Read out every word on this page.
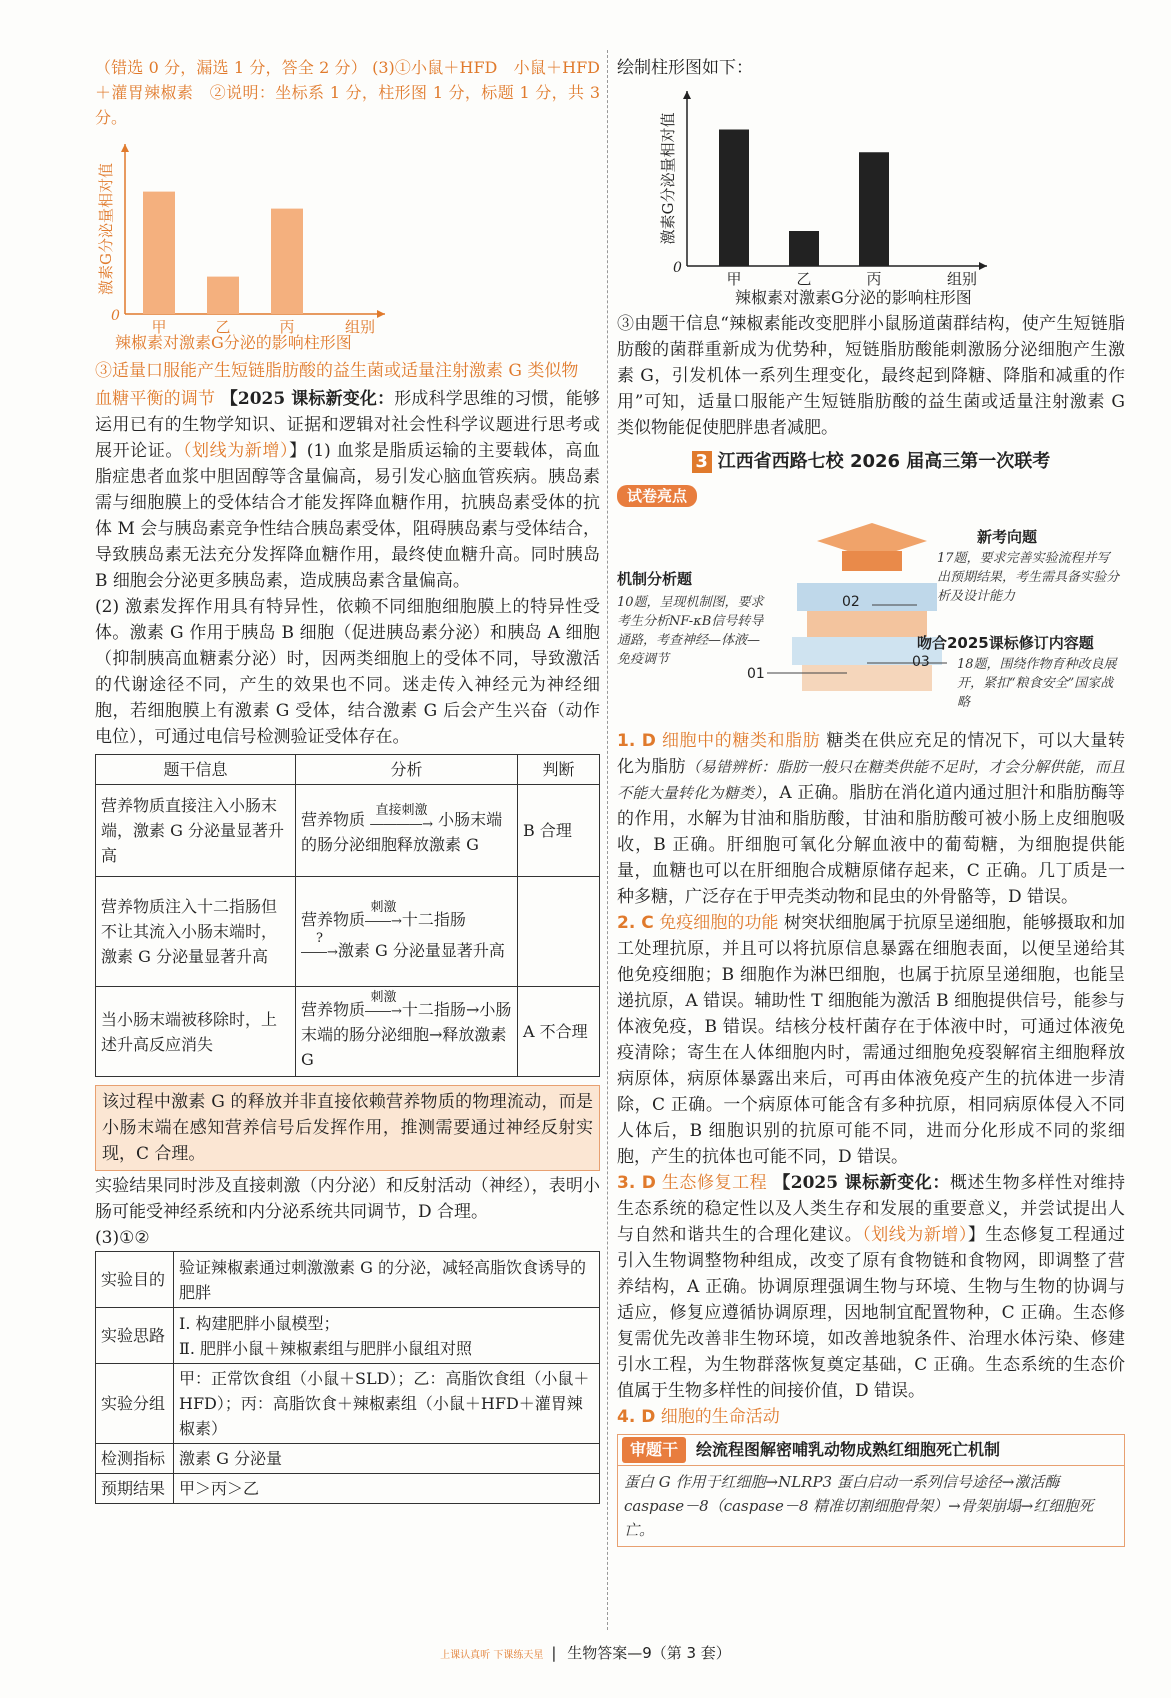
（错选 0 分，漏选 1 分，答全 2 分） (3)①小鼠＋HFD　小鼠＋HFD＋灌胃辣椒素　②说明：坐标系 1 分，柱形图 1 分，标题 1 分，共 3 分。
激素G分泌量相对值
0
甲	乙	丙	组别
辣椒素对激素G分泌的影响柱形图
③适量口服能产生短链脂肪酸的益生菌或适量注射激素 G 类似物
血糖平衡的调节 【2025 课标新变化：形成科学思维的习惯，能够运用已有的生物学知识、证据和逻辑对社会性科学议题进行思考或展开论证。（划线为新增）】(1) 血浆是脂质运输的主要载体，高血脂症患者血浆中胆固醇等含量偏高，易引发心脑血管疾病。胰岛素需与细胞膜上的受体结合才能发挥降血糖作用，抗胰岛素受体的抗体 M 会与胰岛素竞争性结合胰岛素受体，阻碍胰岛素与受体结合，导致胰岛素无法充分发挥降血糖作用，最终使血糖升高。同时胰岛 B 细胞会分泌更多胰岛素，造成胰岛素含量偏高。
(2) 激素发挥作用具有特异性，依赖不同细胞细胞膜上的特异性受体。激素 G 作用于胰岛 B 细胞（促进胰岛素分泌）和胰岛 A 细胞（抑制胰高血糖素分泌）时，因两类细胞上的受体不同，导致激活的代谢途径不同，产生的效果也不同。迷走传入神经元为神经细胞，若细胞膜上有激素 G 受体，结合激素 G 后会产生兴奋（动作电位），可通过电信号检测验证受体存在。
题干信息	分析	判断
营养物质直接注入小肠末端，激素 G 分泌量显著升高	营养物质 直接刺激
――――→ 小肠末端的肠分泌细胞释放激素 G	B 合理
营养物质注入十二指肠但不让其流入小肠末端时，激素 G 分泌量显著升高	营养物质刺激
――→十二指肠
?
――→激素 G 分泌量显著升高	
当小肠末端被移除时，上述升高反应消失	营养物质刺激
――→十二指肠→小肠末端的肠分泌细胞→释放激素 G	A 不合理
该过程中激素 G 的释放并非直接依赖营养物质的物理流动，而是小肠末端在感知营养信号后发挥作用，推测需要通过神经反射实现，C 合理。
实验结果同时涉及直接刺激（内分泌）和反射活动（神经），表明小肠可能受神经系统和内分泌系统共同调节，D 合理。
(3)①②
实验目的	验证辣椒素通过刺激激素 G 的分泌，减轻高脂饮食诱导的肥胖
实验思路	Ⅰ. 构建肥胖小鼠模型；
Ⅱ. 肥胖小鼠＋辣椒素组与肥胖小鼠组对照
实验分组	甲：正常饮食组（小鼠＋SLD）；乙：高脂饮食组（小鼠＋HFD）；丙：高脂饮食＋辣椒素组（小鼠＋HFD＋灌胃辣椒素）
检测指标	激素 G 分泌量
预期结果	甲＞丙＞乙
绘制柱形图如下：
激素G分泌量相对值
0
甲	乙	丙	组别
辣椒素对激素G分泌的影响柱形图
③由题干信息“辣椒素能改变肥胖小鼠肠道菌群结构，使产生短链脂肪酸的菌群重新成为优势种，短链脂肪酸能刺激肠分泌细胞产生激素 G，引发机体一系列生理变化，最终起到降糖、降脂和减重的作用”可知，适量口服能产生短链脂肪酸的益生菌或适量注射激素 G 类似物能促使肥胖患者减肥。
3 江西省西路七校 2026 届高三第一次联考
试卷亮点
02
01
03
机制分析题
10题，呈现机制图，要求考生分析NF-κB信号转导通路，考查神经—体液—免疫调节
新考向题
17题，要求完善实验流程并写出预期结果，考生需具备实验分析及设计能力
吻合2025课标修订内容题
18题，围绕作物育种改良展开，紧扣“粮食安全”国家战略
1. D 细胞中的糖类和脂肪 糖类在供应充足的情况下，可以大量转化为脂肪（易错辨析：脂肪一般只在糖类供能不足时，才会分解供能，而且不能大量转化为糖类），A 正确。脂肪在消化道内通过胆汁和脂肪酶等的作用，水解为甘油和脂肪酸，甘油和脂肪酸可被小肠上皮细胞吸收，B 正确。肝细胞可氧化分解血液中的葡萄糖，为细胞提供能量，血糖也可以在肝细胞合成糖原储存起来，C 正确。几丁质是一种多糖，广泛存在于甲壳类动物和昆虫的外骨骼等，D 错误。
2. C 免疫细胞的功能 树突状细胞属于抗原呈递细胞，能够摄取和加工处理抗原，并且可以将抗原信息暴露在细胞表面，以便呈递给其他免疫细胞；B 细胞作为淋巴细胞，也属于抗原呈递细胞，也能呈递抗原，A 错误。辅助性 T 细胞能为激活 B 细胞提供信号，能参与体液免疫，B 错误。结核分枝杆菌存在于体液中时，可通过体液免疫清除；寄生在人体细胞内时，需通过细胞免疫裂解宿主细胞释放病原体，病原体暴露出来后，可再由体液免疫产生的抗体进一步清除，C 正确。一个病原体可能含有多种抗原，相同病原体侵入不同人体后，B 细胞识别的抗原可能不同，进而分化形成不同的浆细胞，产生的抗体也可能不同，D 错误。
3. D 生态修复工程 【2025 课标新变化：概述生物多样性对维持生态系统的稳定性以及人类生存和发展的重要意义，并尝试提出人与自然和谐共生的合理化建议。（划线为新增）】生态修复工程通过引入生物调整物种组成，改变了原有食物链和食物网，即调整了营养结构，A 正确。协调原理强调生物与环境、生物与生物的协调与适应，修复应遵循协调原理，因地制宜配置物种，C 正确。生态修复需优先改善非生物环境，如改善地貌条件、治理水体污染、修建引水工程，为生物群落恢复奠定基础，C 正确。生态系统的生态价值属于生物多样性的间接价值，D 错误。
4. D 细胞的生命活动
审题干	绘流程图解密哺乳动物成熟红细胞死亡机制
蛋白 G 作用于红细胞→NLRP3 蛋白启动一系列信号途径→激活酶 caspase－8（caspase－8 精准切割细胞骨架）→骨架崩塌→红细胞死亡。
上课认真听 下课练天星 | 生物答案—9（第 3 套）
